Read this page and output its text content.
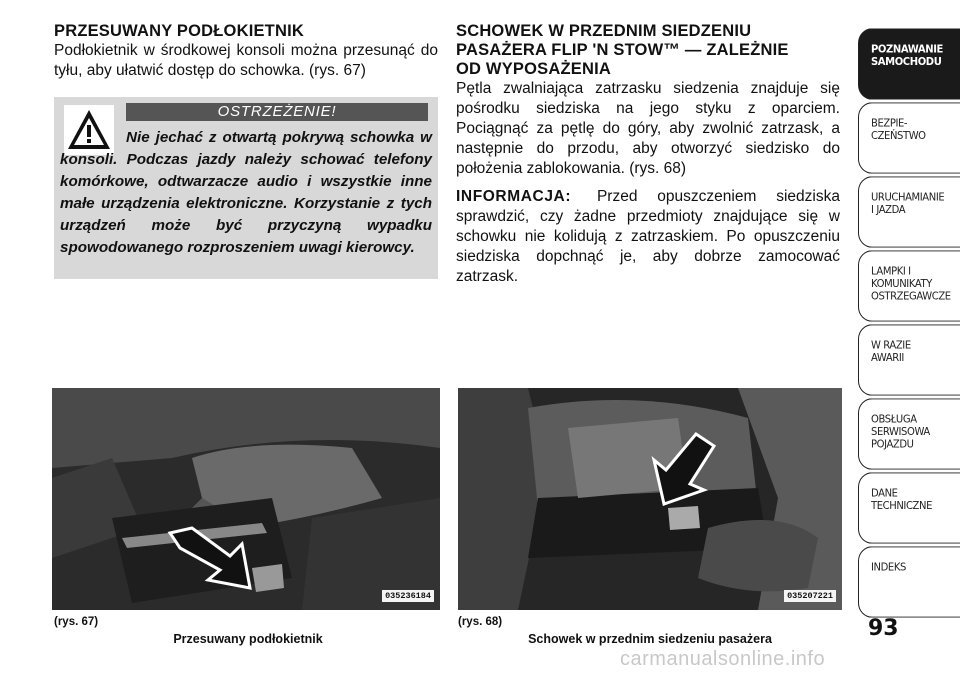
PRZESUWANY PODŁOKIETNIK
Podłokietnik w środkowej konsoli można przesunąć do tyłu, aby ułatwić dostęp do schowka. (rys. 67)
OSTRZEŻENIE!
Nie jechać z otwartą pokrywą schowka w konsoli. Podczas jazdy należy schować telefony komórkowe, odtwarzacze audio i wszystkie inne małe urządzenia elektroniczne. Korzystanie z tych urządzeń może być przyczyną wypadku spowodowanego rozproszeniem uwagi kierowcy.
SCHOWEK W PRZEDNIM SIEDZENIU
PASAŻERA FLIP 'N STOW™ — ZALEŻNIE
OD WYPOSAŻENIA
Pętla zwalniająca zatrzasku siedzenia znajduje się pośrodku siedziska na jego styku z oparciem. Pociągnąć za pętlę do góry, aby zwolnić zatrzask, a następnie do przodu, aby otworzyć siedzisko do położenia zablokowania. (rys. 68)
INFORMACJA: Przed opuszczeniem siedziska sprawdzić, czy żadne przedmioty znajdujące się w schowku nie kolidują z zatrzaskiem. Po opuszczeniu siedziska dopchnąć je, aby dobrze zamocować zatrzask.
035236184	035207221
(rys. 67)
Przesuwany podłokietnik
(rys. 68)
Schowek w przednim siedzeniu pasażera
POZNAWANIE
SAMOCHODU
BEZPIE-
CZEŃSTWO
URUCHAMIANIE
I JAZDA
LAMPKI I
KOMUNIKATY
OSTRZEGAWCZE
W RAZIE
AWARII
OBSŁUGA
SERWISOWA
POJAZDU
DANE
TECHNICZNE
INDEKS
93
carmanualsonline.info
